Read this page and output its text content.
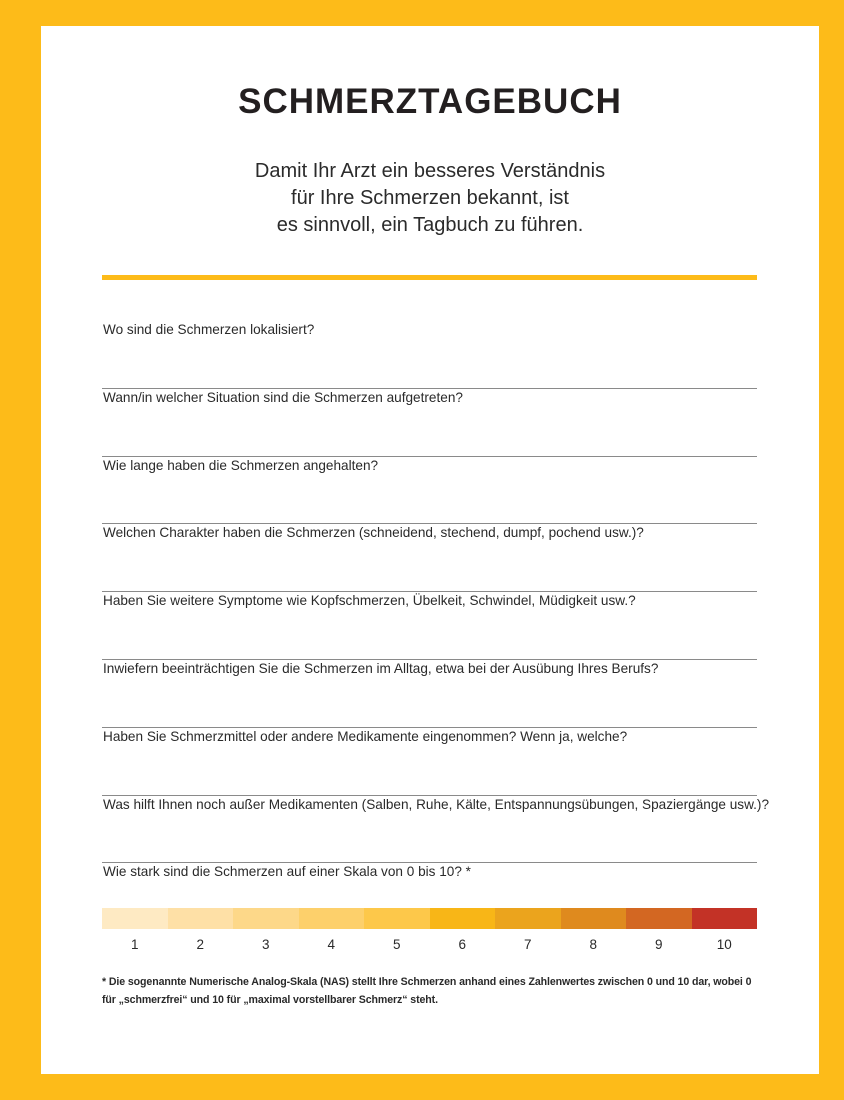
SCHMERZTAGEBUCH
Damit Ihr Arzt ein besseres Verständnis
für Ihre Schmerzen bekannt, ist
es sinnvoll, ein Tagbuch zu führen.
Wo sind die Schmerzen lokalisiert?
Wann/in welcher Situation sind die Schmerzen aufgetreten?
Wie lange haben die Schmerzen angehalten?
Welchen Charakter haben die Schmerzen (schneidend, stechend, dumpf, pochend usw.)?
Haben Sie weitere Symptome wie Kopfschmerzen, Übelkeit, Schwindel, Müdigkeit usw.?
Inwiefern beeinträchtigen Sie die Schmerzen im Alltag, etwa bei der Ausübung Ihres Berufs?
Haben Sie Schmerzmittel oder andere Medikamente eingenommen? Wenn ja, welche?
Was hilft Ihnen noch außer Medikamenten (Salben, Ruhe, Kälte, Entspannungsübungen, Spaziergänge usw.)?
Wie stark sind die Schmerzen auf einer Skala von 0 bis 10? *
1	2	3	4	5	6	7	8	9	10
* Die sogenannte Numerische Analog-Skala (NAS) stellt Ihre Schmerzen anhand eines Zahlenwertes zwischen 0 und 10 dar, wobei 0 für „schmerzfrei“ und 10 für „maximal vorstellbarer Schmerz“ steht.
